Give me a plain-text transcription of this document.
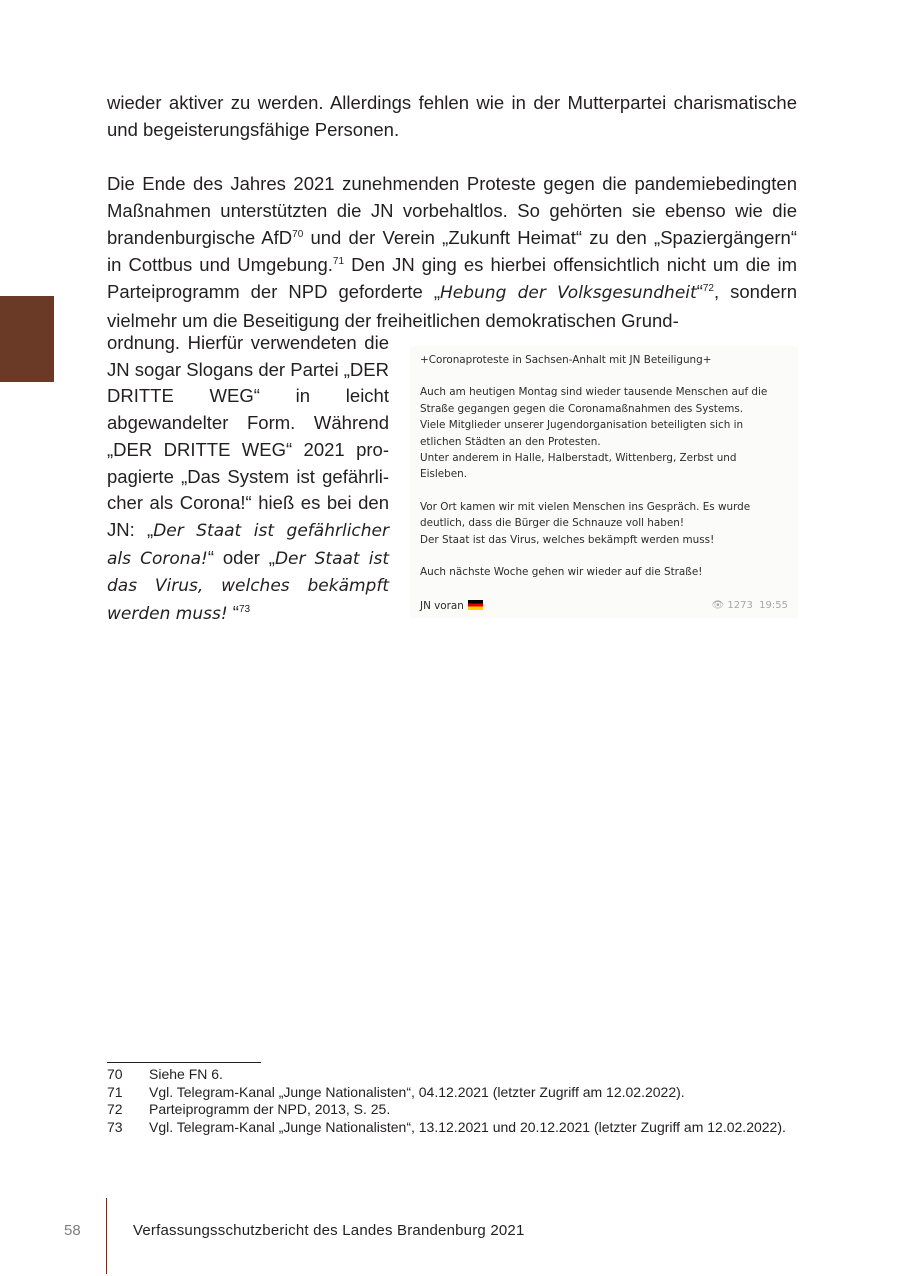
wieder aktiver zu werden. Allerdings fehlen wie in der Mutterpartei charismatische und begeisterungsfähige Personen.

Die Ende des Jahres 2021 zunehmenden Proteste gegen die pandemiebedingten Maßnahmen unterstützten die JN vorbehaltlos. So gehörten sie ebenso wie die brandenburgische AfD$^{70}$ und der Verein „Zukunft Heimat“ zu den „Spaziergängern“ in Cottbus und Umgebung.$^{71}$ Den JN ging es hierbei offensichtlich nicht um die im Parteiprogramm der NPD geforderte „Hebung der Volksgesundheit“$^{72}$, sondern vielmehr um die Beseitigung der freiheitlichen demokratischen Grund-

ordnung. Hierfür verwendeten die JN sogar Slogans der Partei „DER DRITTE WEG“ in leicht abgewandelter Form. Während „DER DRITTE WEG“ 2021 propagierte „Das System ist gefährlicher als Corona!“ hieß es bei den JN: „Der Staat ist gefährlicher als Corona!“ oder „Der Staat ist das Virus, welches bekämpft werden muss! “$^{73}$

+Coronaproteste in Sachsen-Anhalt mit JN Beteiligung+

Auch am heutigen Montag sind wieder tausende Menschen auf die

Straße gegangen gegen die Coronamaßnahmen des Systems.

Viele Mitglieder unserer Jugendorganisation beteiligten sich in

etlichen Städten an den Protesten.

Unter anderem in Halle, Halberstadt, Wittenberg, Zerbst und

Eisleben.

Vor Ort kamen wir mit vielen Menschen ins Gespräch. Es wurde

deutlich, dass die Bürger die Schnauze voll haben!

Der Staat ist das Virus, welches bekämpft werden muss!

Auch nächste Woche gehen wir wieder auf die Straße!

JN voran	👁 1273 19:55
70	Siehe FN 6.
71	Vgl. Telegram-Kanal „Junge Nationalisten“, 04.12.2021 (letzter Zugriff am 12.02.2022).
72	Parteiprogramm der NPD, 2013, S. 25.
73	Vgl. Telegram-Kanal „Junge Nationalisten“, 13.12.2021 und 20.12.2021 (letzter Zugriff am 12.02.2022).
58	Verfassungsschutzbericht des Landes Brandenburg 2021
